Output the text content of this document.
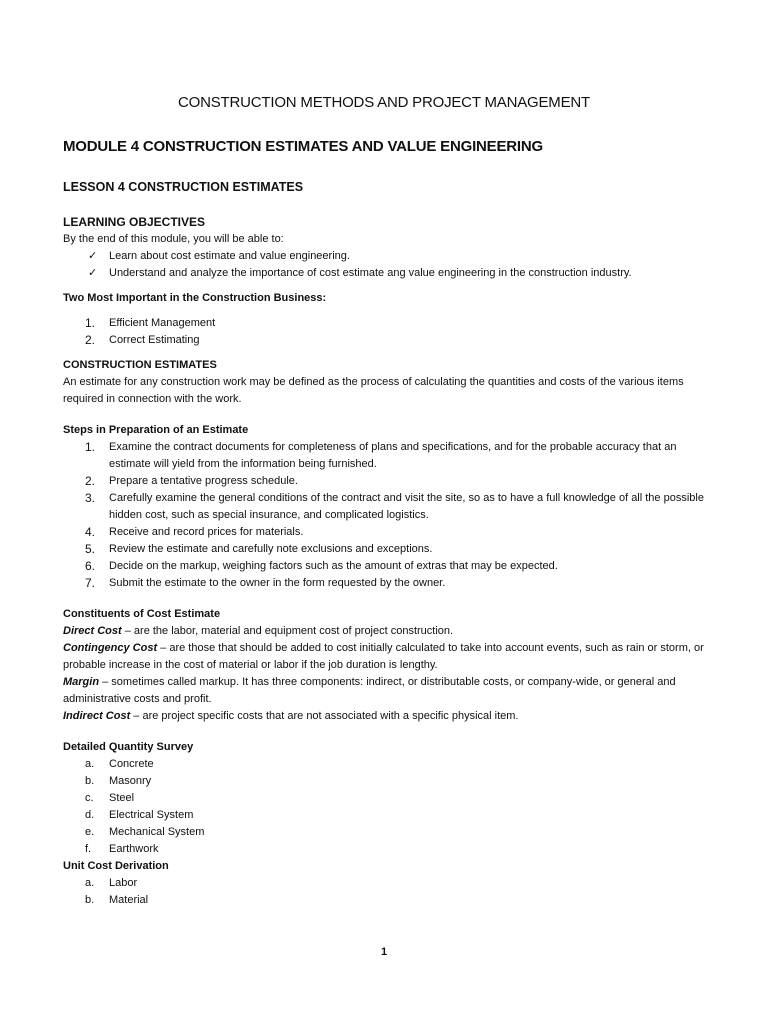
CONSTRUCTION METHODS AND PROJECT MANAGEMENT
MODULE 4 CONSTRUCTION ESTIMATES AND VALUE ENGINEERING
LESSON 4 CONSTRUCTION ESTIMATES
LEARNING OBJECTIVES
By the end of this module, you will be able to:
✓ Learn about cost estimate and value engineering.
✓ Understand and analyze the importance of cost estimate ang value engineering in the construction industry.
Two Most Important in the Construction Business:
1. Efficient Management
2. Correct Estimating
CONSTRUCTION ESTIMATES
An estimate for any construction work may be defined as the process of calculating the quantities and costs of the various items required in connection with the work.
Steps in Preparation of an Estimate
1. Examine the contract documents for completeness of plans and specifications, and for the probable accuracy that an estimate will yield from the information being furnished.
2. Prepare a tentative progress schedule.
3. Carefully examine the general conditions of the contract and visit the site, so as to have a full knowledge of all the possible hidden cost, such as special insurance, and complicated logistics.
4. Receive and record prices for materials.
5. Review the estimate and carefully note exclusions and exceptions.
6. Decide on the markup, weighing factors such as the amount of extras that may be expected.
7. Submit the estimate to the owner in the form requested by the owner.
Constituents of Cost Estimate
Direct Cost – are the labor, material and equipment cost of project construction.
Contingency Cost – are those that should be added to cost initially calculated to take into account events, such as rain or storm, or probable increase in the cost of material or labor if the job duration is lengthy.
Margin – sometimes called markup. It has three components: indirect, or distributable costs, or company-wide, or general and administrative costs and profit.
Indirect Cost – are project specific costs that are not associated with a specific physical item.
Detailed Quantity Survey
a. Concrete
b. Masonry
c. Steel
d. Electrical System
e. Mechanical System
f. Earthwork
Unit Cost Derivation
a. Labor
b. Material
1
